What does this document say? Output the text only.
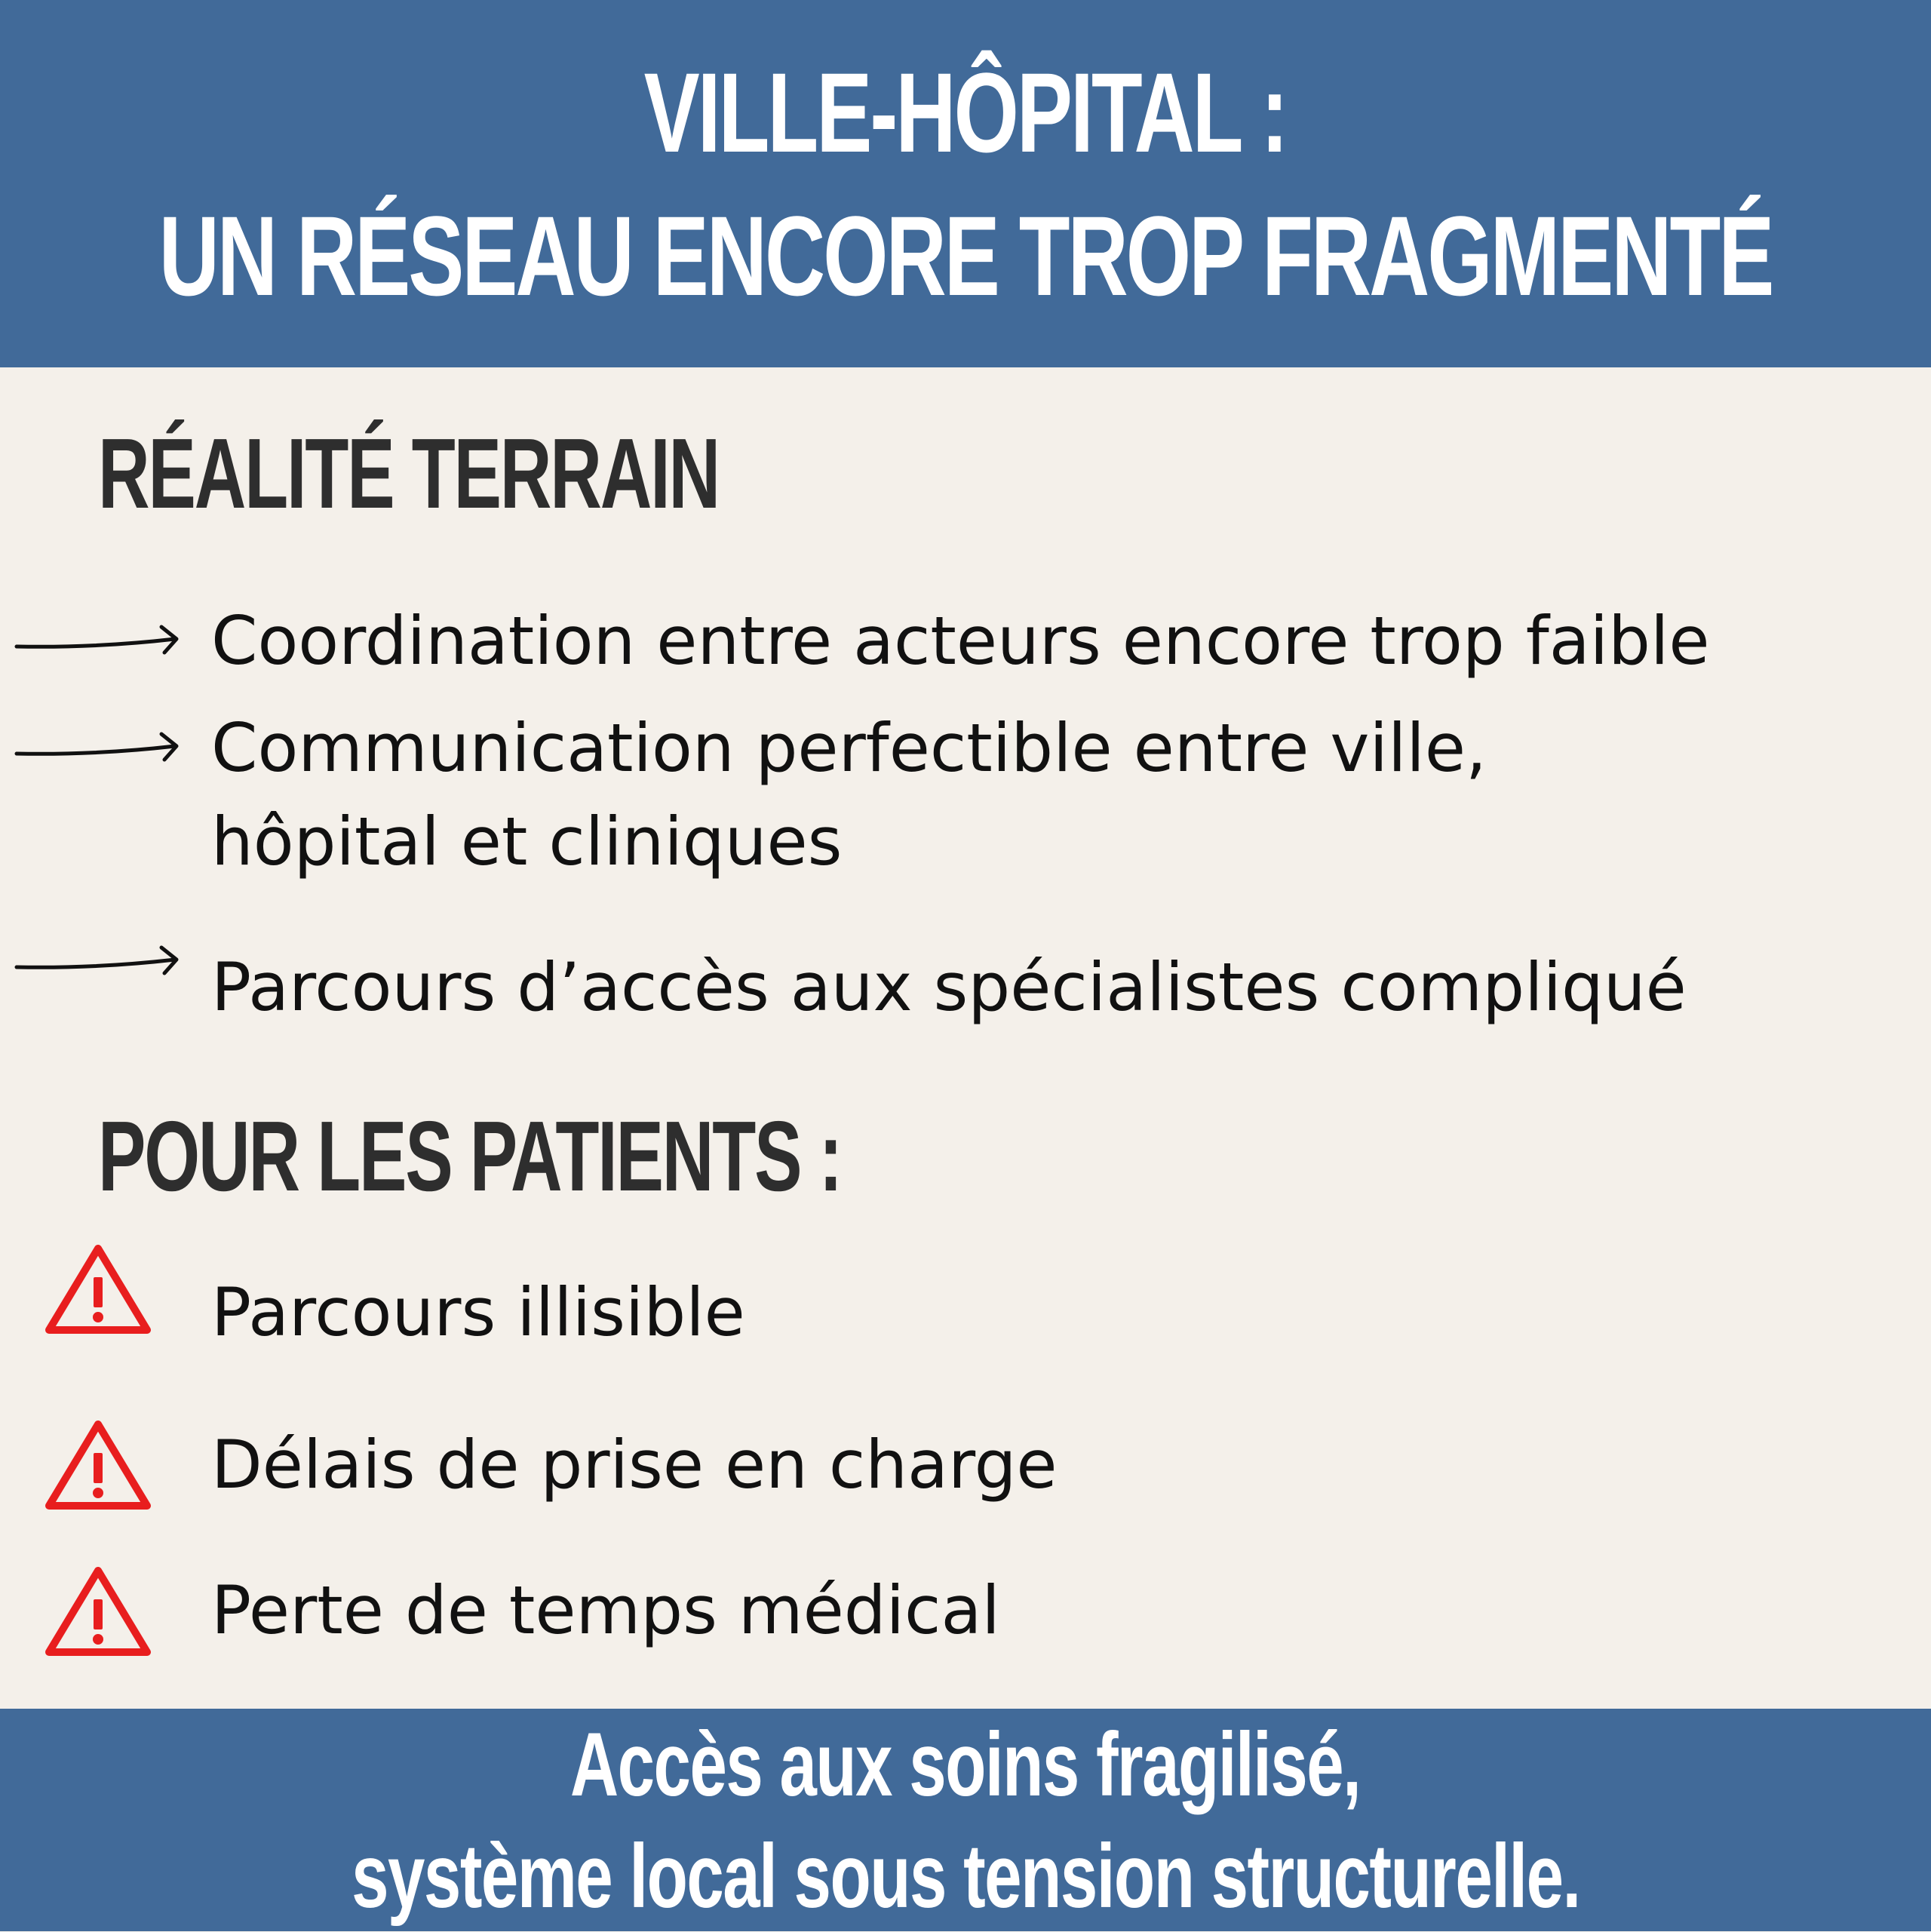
VILLE-HÔPITAL :
UN RÉSEAU ENCORE TROP FRAGMENTÉ
RÉALITÉ TERRAIN
Coordination entre acteurs encore trop faible
Communication perfectible entre ville,
hôpital et cliniques
Parcours d’accès aux spécialistes compliqué
POUR LES PATIENTS :
Parcours illisible
Délais de prise en charge
Perte de temps médical
Accès aux soins fragilisé,
système local sous tension structurelle.
